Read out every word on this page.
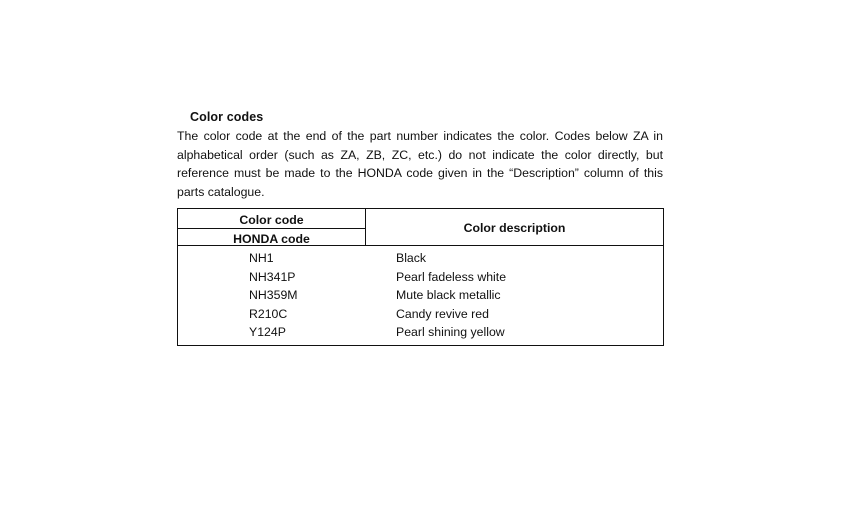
Color codes

The color code at the end of the part number indicates the color. Codes below ZA in alphabetical order (such as ZA, ZB, ZC, etc.) do not indicate the color directly, but reference must be made to the HONDA code given in the “Description” column of this parts catalogue.

Color code
HONDA code
Color description
NH1	Black
NH341P	Pearl fadeless white
NH359M	Mute black metallic
R210C	Candy revive red
Y124P	Pearl shining yellow
